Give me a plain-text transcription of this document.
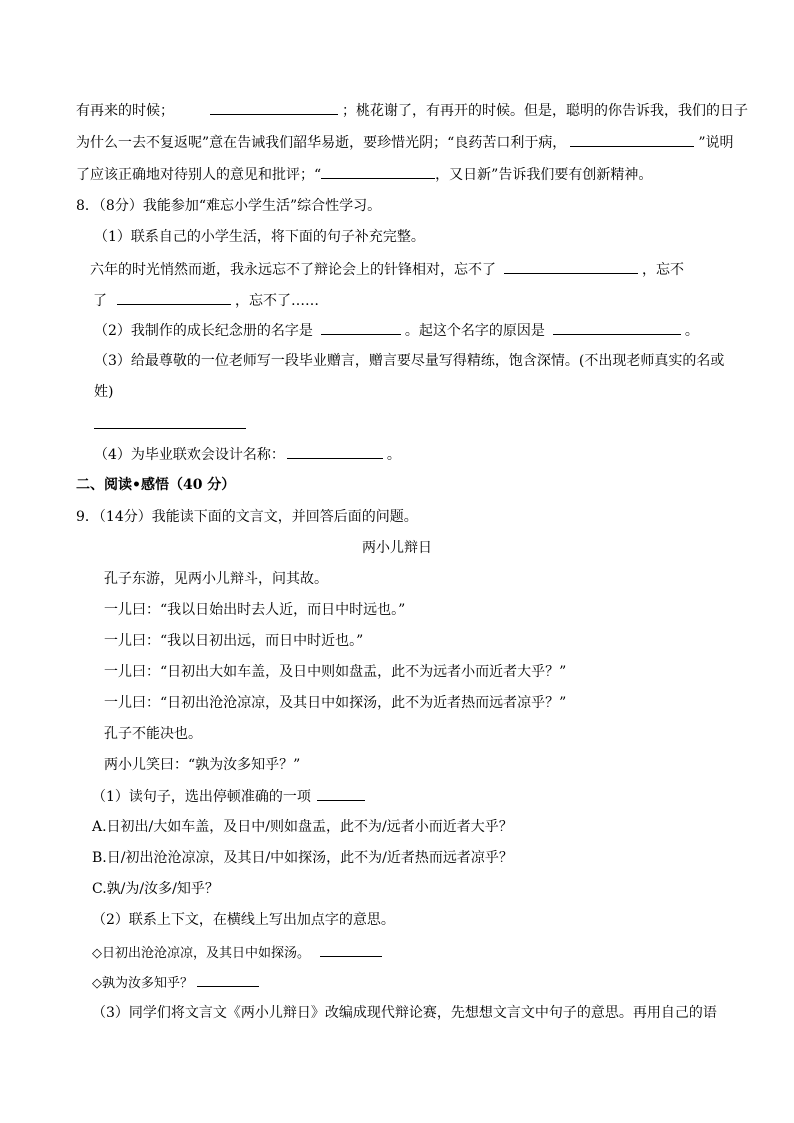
有再来的时候；	；桃花谢了，有再开的时候。但是，聪明的你告诉我，我们的日子
为什么一去不复返呢”意在告诫我们韶华易逝，要珍惜光阴；“良药苦口利于病，	”说明
了应该正确地对待别人的意见和批评；“	，又日新”告诉我们要有创新精神。
8．（8分）我能参加“难忘小学生活”综合性学习。
（1）联系自己的小学生活，将下面的句子补充完整。
六年的时光悄然而逝，我永远忘不了辩论会上的针锋相对，忘不了	，忘不
了	，忘不了……
（2）我制作的成长纪念册的名字是	。起这个名字的原因是	。
（3）给最尊敬的一位老师写一段毕业赠言，赠言要尽量写得精练，饱含深情。(不出现老师真实的名或
姓)
（4）为毕业联欢会设计名称：	。
二、阅读•感悟（40 分）
9．（14分）我能读下面的文言文，并回答后面的问题。
两小儿辩日
孔子东游，见两小儿辩斗，问其故。
一儿曰：“我以日始出时去人近，而日中时远也。”
一儿曰：“我以日初出远，而日中时近也。”
一儿曰：“日初出大如车盖，及日中则如盘盂，此不为远者小而近者大乎？”
一儿曰：“日初出沧沧凉凉，及其日中如探汤，此不为近者热而远者凉乎？”
孔子不能决也。
两小儿笑曰：“孰为汝多知乎？”
（1）读句子，选出停顿准确的一项
A.日初出/大如车盖，及日中/则如盘盂，此不为/远者小而近者大乎？
B.日/初出沧沧凉凉，及其日/中如探汤，此不为/近者热而远者凉乎？
C.孰/为/汝多/知乎？
（2）联系上下文，在横线上写出加点字的意思。
◇日初出沧沧凉凉，及其日中如探汤。
◇孰为汝多知乎？
（3）同学们将文言文《两小儿辩日》改编成现代辩论赛，先想想文言文中句子的意思。再用自己的语
